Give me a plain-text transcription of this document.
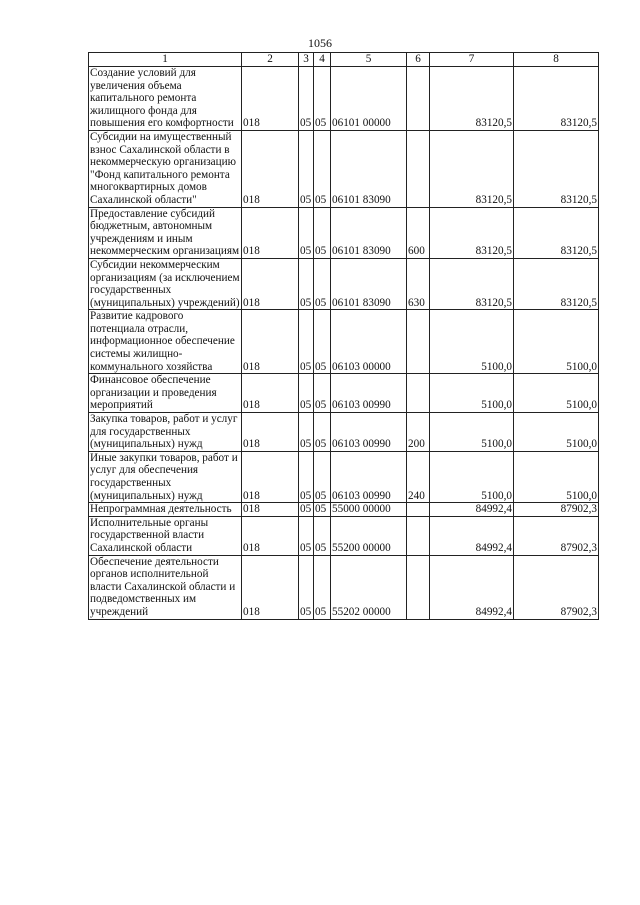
1056
1	2	3	4	5	6	7	8
Создание условий для увеличения объема капитального ремонта жилищного фонда для повышения его комфортности	018	05	05	06101 00000		83120,5	83120,5
Субсидии на имущественный взнос Сахалинской области в некоммерческую организацию "Фонд капитального ремонта многоквартирных домов Сахалинской области"	018	05	05	06101 83090		83120,5	83120,5
Предоставление субсидий бюджетным, автономным учреждениям и иным некоммерческим организациям	018	05	05	06101 83090	600	83120,5	83120,5
Субсидии некоммерческим организациям (за исключением государственных (муниципальных) учреждений)	018	05	05	06101 83090	630	83120,5	83120,5
Развитие кадрового потенциала отрасли, информационное обеспечение системы жилищно-коммунального хозяйства	018	05	05	06103 00000		5100,0	5100,0
Финансовое обеспечение организации и проведения мероприятий	018	05	05	06103 00990		5100,0	5100,0
Закупка товаров, работ и услуг для государственных (муниципальных) нужд	018	05	05	06103 00990	200	5100,0	5100,0
Иные закупки товаров, работ и услуг для обеспечения государственных (муниципальных) нужд	018	05	05	06103 00990	240	5100,0	5100,0
Непрограммная деятельность	018	05	05	55000 00000		84992,4	87902,3
Исполнительные органы государственной власти Сахалинской области	018	05	05	55200 00000		84992,4	87902,3
Обеспечение деятельности органов исполнительной власти Сахалинской области и подведомственных им учреждений	018	05	05	55202 00000		84992,4	87902,3
